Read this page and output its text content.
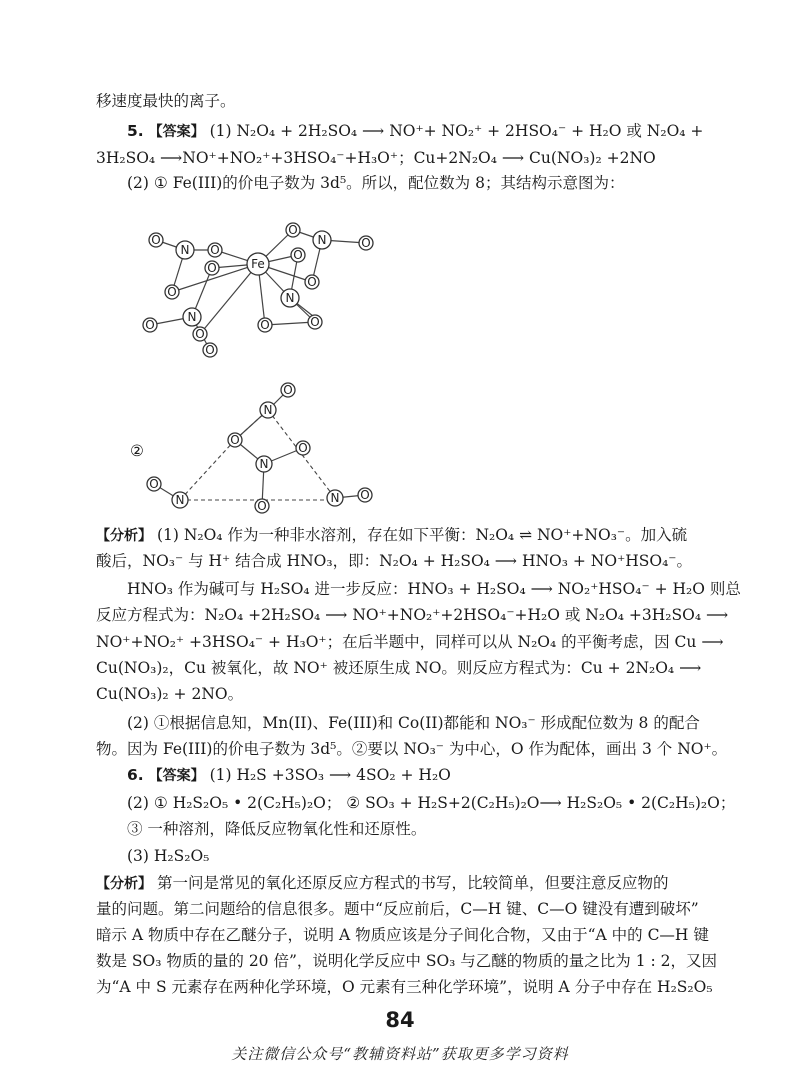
移速度最快的离子。
5. 【答案】 (1) N₂O₄ + 2H₂SO₄ ⟶ NO⁺+ NO₂⁺ + 2HSO₄⁻ + H₂O 或 N₂O₄ +
3H₂SO₄ ⟶NO⁺+NO₂⁺+3HSO₄⁻+H₃O⁺；Cu+2N₂O₄ ⟶ Cu(NO₃)₂ +2NO
(2) ① Fe(III)的价电子数为 3d⁵。所以，配位数为 8；其结构示意图为：
Fe
N
N
N
N
O
O
O
O
O
O
O
O
O
O
O
O
O
②
O
N
O
N
O
O
O
N	N O
【分析】 (1) N₂O₄ 作为一种非水溶剂，存在如下平衡：N₂O₄ ⇌ NO⁺+NO₃⁻。加入硫
酸后，NO₃⁻ 与 H⁺ 结合成 HNO₃，即：N₂O₄ + H₂SO₄ ⟶ HNO₃ + NO⁺HSO₄⁻。
HNO₃ 作为碱可与 H₂SO₄ 进一步反应：HNO₃ + H₂SO₄ ⟶ NO₂⁺HSO₄⁻ + H₂O 则总
反应方程式为：N₂O₄ +2H₂SO₄ ⟶ NO⁺+NO₂⁺+2HSO₄⁻+H₂O 或 N₂O₄ +3H₂SO₄ ⟶
NO⁺+NO₂⁺ +3HSO₄⁻ + H₃O⁺；在后半题中，同样可以从 N₂O₄ 的平衡考虑，因 Cu ⟶
Cu(NO₃)₂，Cu 被氧化，故 NO⁺ 被还原生成 NO。则反应方程式为：Cu + 2N₂O₄ ⟶
Cu(NO₃)₂ + 2NO。
(2) ①根据信息知，Mn(II)、Fe(III)和 Co(II)都能和 NO₃⁻ 形成配位数为 8 的配合
物。因为 Fe(III)的价电子数为 3d⁵。②要以 NO₃⁻ 为中心，O 作为配体，画出 3 个 NO⁺。
6. 【答案】 (1) H₂S +3SO₃ ⟶ 4SO₂ + H₂O
(2) ① H₂S₂O₅ • 2(C₂H₅)₂O； ② SO₃ + H₂S+2(C₂H₅)₂O⟶ H₂S₂O₅ • 2(C₂H₅)₂O；
③ 一种溶剂，降低反应物氧化性和还原性。
(3) H₂S₂O₅
【分析】 第一问是常见的氧化还原反应方程式的书写，比较简单，但要注意反应物的
量的问题。第二问题给的信息很多。题中“反应前后，C—H 键、C—O 键没有遭到破坏”
暗示 A 物质中存在乙醚分子，说明 A 物质应该是分子间化合物，又由于“A 中的 C—H 键
数是 SO₃ 物质的量的 20 倍”，说明化学反应中 SO₃ 与乙醚的物质的量之比为 1 : 2，又因
为“A 中 S 元素存在两种化学环境，O 元素有三种化学环境”，说明 A 分子中存在 H₂S₂O₅
84
关注微信公众号“教辅资料站”获取更多学习资料
